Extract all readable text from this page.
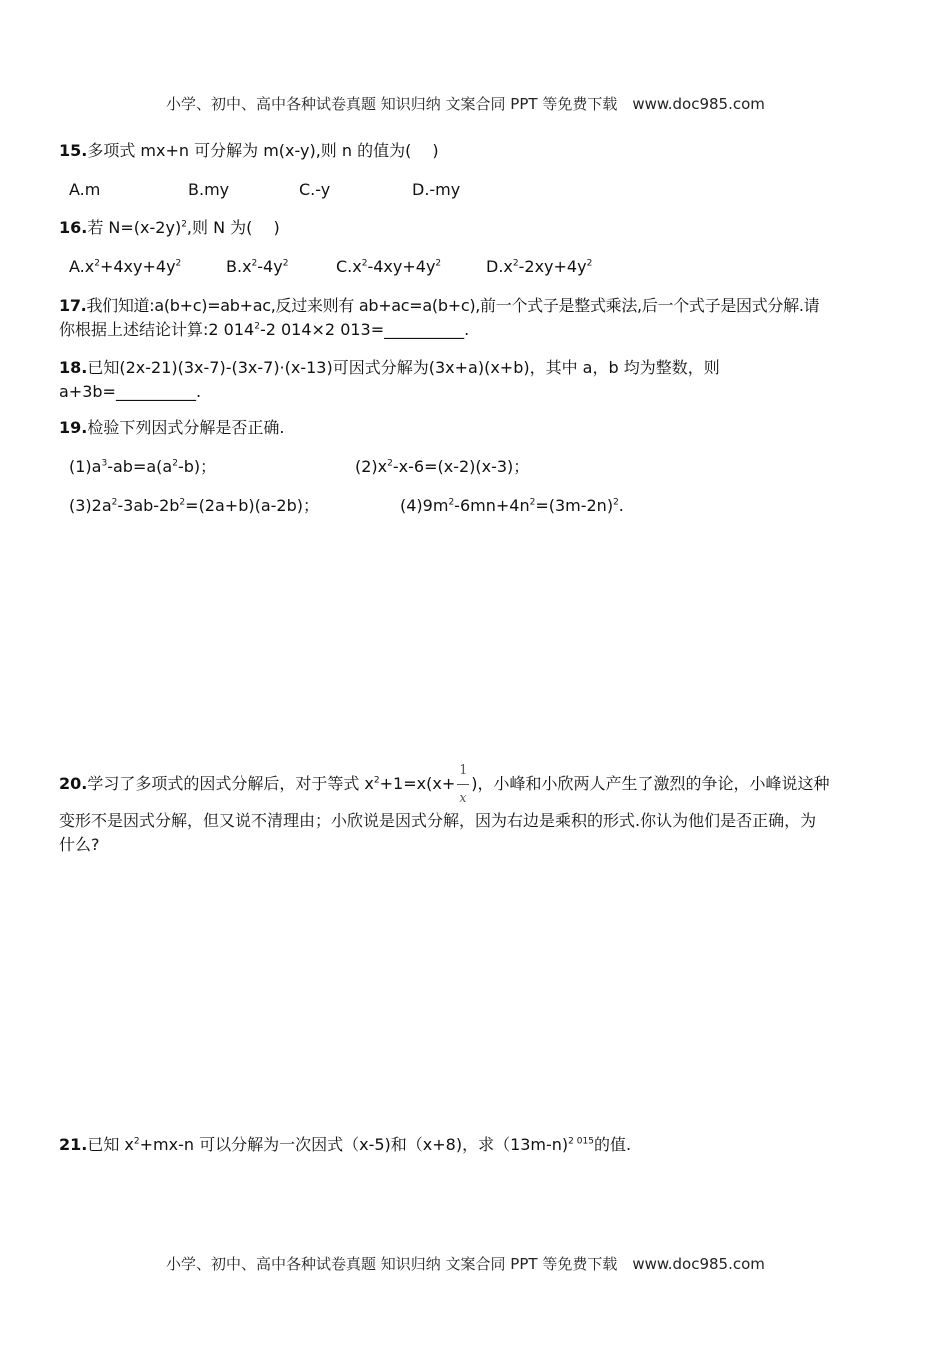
小学、初中、高中各种试卷真题 知识归纳 文案合同 PPT 等免费下载　www.doc985.com
15.多项式 mx+n 可分解为 m(x-y),则 n 的值为(　 )
A.m	B.my	C.-y	D.-my
16.若 $N=(x-2y)^2$,则 N 为(　 )
$A.x^2+4xy+4y^2$	$B.x^2-4y^2$	$C.x^2-4xy+4y^2$	$D.x^2-2xy+4y^2$
17.我们知道:a(b+c)=ab+ac,反过来则有 ab+ac=a(b+c),前一个式子是整式乘法,后一个式子是因式分解.请
你根据上述结论计算:2 $014^2-2$ 014×2 013=__________.
18.已知(2x-21)(3x-7)-(3x-7)·(x-13)可因式分解为(3x+a)(x+b)，其中 a，b 均为整数，则
a+3b=__________.
19.检验下列因式分解是否正确.
$(1)a^3-ab=a(a^2-b)$；	$(2)x^2-x-6=(x-2)(x-3)$；
$(3)2a^2-3ab-2b^2=(2a+b)(a-2b)$；	$(4)9m^2-6mn+4n^2=(3m-2n)^2$.
20.学习了多项式的因式分解后，对于等式 $x^2+1=x(x+ \frac{1}{x}$ )，小峰和小欣两人产生了激烈的争论，小峰说这种
变形不是因式分解，但又说不清理由；小欣说是因式分解，因为右边是乘积的形式.你认为他们是否正确，为
什么?
21.已知 $x^2+mx-n$ 可以分解为一次因式（x-5)和（x+8)，求（13m-n)$^{2 015}$的值.
小学、初中、高中各种试卷真题 知识归纳 文案合同 PPT 等免费下载　www.doc985.com
